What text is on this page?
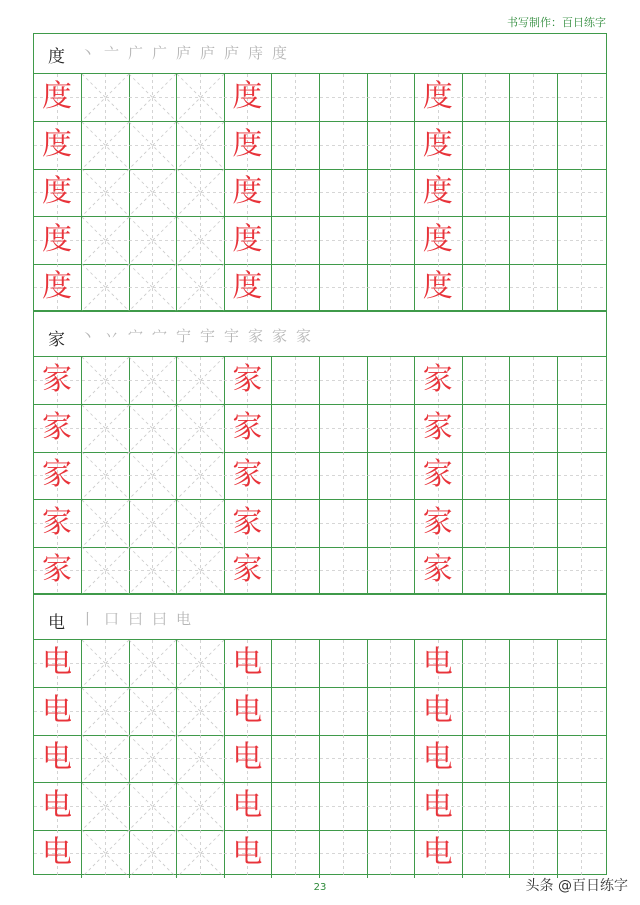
书写制作：百日练字
度 丶 亠 广 广 庐 庐 庐 庤 度
度	度	度
度	度	度
度	度	度
度	度	度
度	度	度
家 丶 丷 宀 宀 宁 宇 宇 家 家 家
家	家	家
家	家	家
家	家	家
家	家	家
家	家	家
电 丨 口 曰 曰 电
电	电	电
电	电	电
电	电	电
电	电	电
电	电	电
23	头条 @百日练字
